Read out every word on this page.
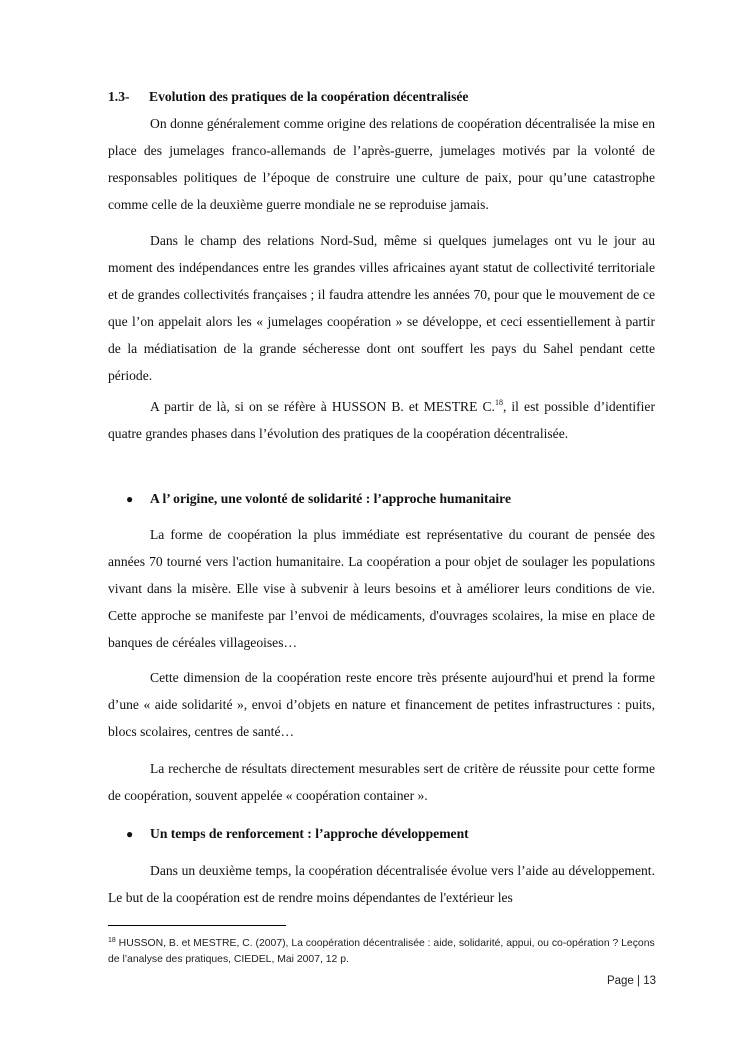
1.3- Evolution des pratiques de la coopération décentralisée

On donne généralement comme origine des relations de coopération décentralisée la mise en place des jumelages franco-allemands de l’après-guerre, jumelages motivés par la volonté de responsables politiques de l’époque de construire une culture de paix, pour qu’une catastrophe comme celle de la deuxième guerre mondiale ne se reproduise jamais.

Dans le champ des relations Nord-Sud, même si quelques jumelages ont vu le jour au moment des indépendances entre les grandes villes africaines ayant statut de collectivité territoriale et de grandes collectivités françaises ; il faudra attendre les années 70, pour que le mouvement de ce que l’on appelait alors les « jumelages coopération » se développe, et ceci essentiellement à partir de la médiatisation de la grande sécheresse dont ont souffert les pays du Sahel pendant cette période.

A partir de là, si on se réfère à HUSSON B. et MESTRE C.$^{18}$, il est possible d’identifier quatre grandes phases dans l’évolution des pratiques de la coopération décentralisée.

● A l’ origine, une volonté de solidarité : l’approche humanitaire

La forme de coopération la plus immédiate est représentative du courant de pensée des années 70 tourné vers l'action humanitaire. La coopération a pour objet de soulager les populations vivant dans la misère. Elle vise à subvenir à leurs besoins et à améliorer leurs conditions de vie. Cette approche se manifeste par l’envoi de médicaments, d'ouvrages scolaires, la mise en place de banques de céréales villageoises…

Cette dimension de la coopération reste encore très présente aujourd'hui et prend la forme d’une « aide solidarité », envoi d’objets en nature et financement de petites infrastructures : puits, blocs scolaires, centres de santé…

La recherche de résultats directement mesurables sert de critère de réussite pour cette forme de coopération, souvent appelée « coopération container ».

● Un temps de renforcement : l’approche développement

Dans un deuxième temps, la coopération décentralisée évolue vers l’aide au développement. Le but de la coopération est de rendre moins dépendantes de l'extérieur les

$^{18}$ HUSSON, B. et MESTRE, C. (2007), La coopération décentralisée : aide, solidarité, appui, ou co-opération ? Leçons de l’analyse des pratiques, CIEDEL, Mai 2007, 12 p.
Page | 13
